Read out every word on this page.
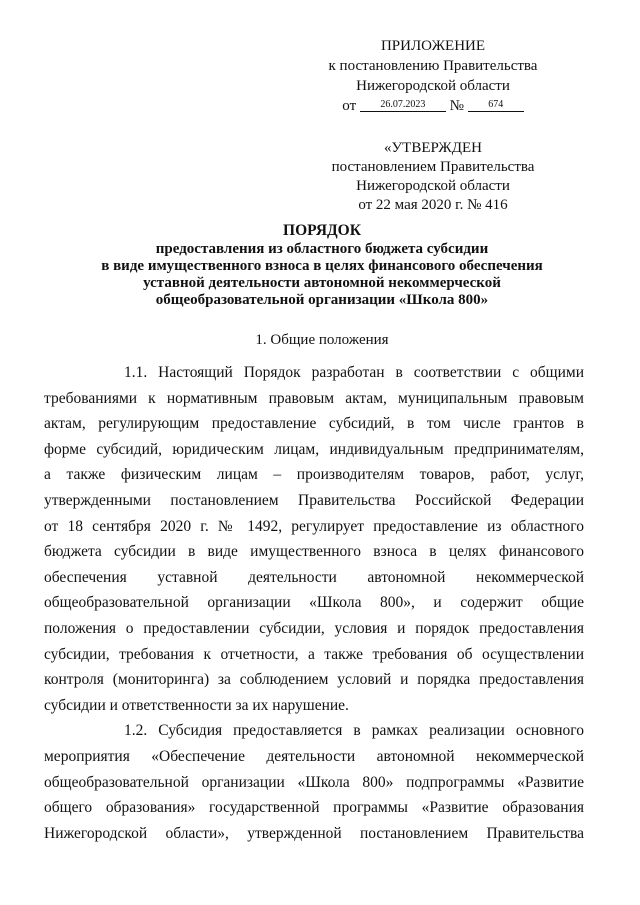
ПРИЛОЖЕНИЕ
к постановлению Правительства
Нижегородской области
от 26.07.2023 № 674
«УТВЕРЖДЕН
постановлением Правительства
Нижегородской области
от 22 мая 2020 г. № 416
ПОРЯДОК
предоставления из областного бюджета субсидии
в виде имущественного взноса в целях финансового обеспечения
уставной деятельности автономной некоммерческой
общеобразовательной организации «Школа 800»
1. Общие положения
1.1. Настоящий Порядок разработан в соответствии с общими
требованиями к нормативным правовым актам, муниципальным правовым
актам, регулирующим предоставление субсидий, в том числе грантов в
форме субсидий, юридическим лицам, индивидуальным предпринимателям,
а также физическим лицам – производителям товаров, работ, услуг,
утвержденными постановлением Правительства Российской Федерации
от 18 сентября 2020 г. № 1492, регулирует предоставление из областного
бюджета субсидии в виде имущественного взноса в целях финансового
обеспечения уставной деятельности автономной некоммерческой
общеобразовательной организации «Школа 800», и содержит общие
положения о предоставлении субсидии, условия и порядок предоставления
субсидии, требования к отчетности, а также требования об осуществлении
контроля (мониторинга) за соблюдением условий и порядка предоставления
субсидии и ответственности за их нарушение.
1.2. Субсидия предоставляется в рамках реализации основного
мероприятия «Обеспечение деятельности автономной некоммерческой
общеобразовательной организации «Школа 800» подпрограммы «Развитие
общего образования» государственной программы «Развитие образования
Нижегородской области», утвержденной постановлением Правительства
